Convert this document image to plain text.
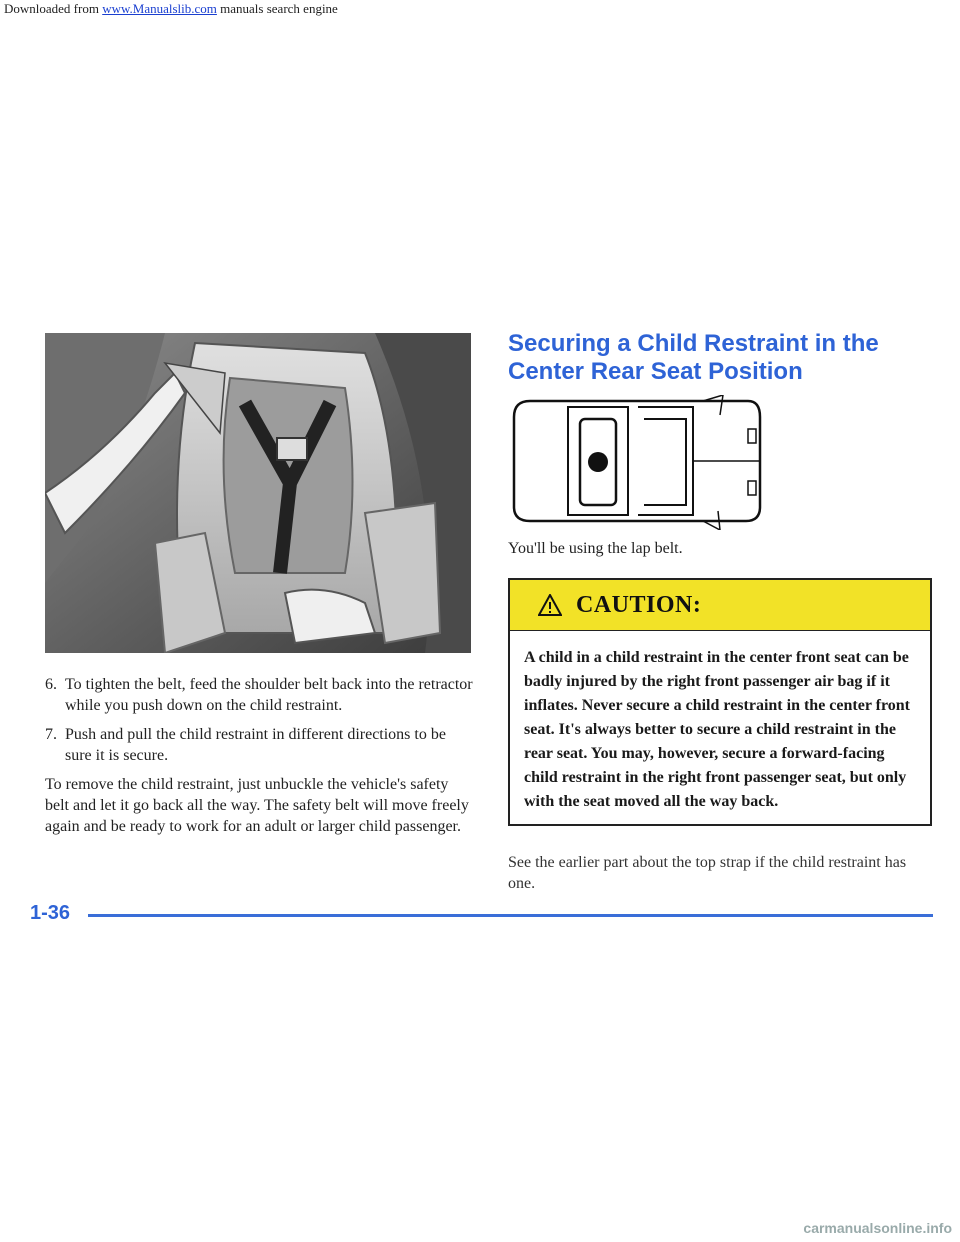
Downloaded from www.Manualslib.com manuals search engine
6. To tighten the belt, feed the shoulder belt back into the retractor while you push down on the child restraint.
7. Push and pull the child restraint in different directions to be sure it is secure.

To remove the child restraint, just unbuckle the vehicle's safety belt and let it go back all the way. The safety belt will move freely again and be ready to work for an adult or larger child passenger.

Securing a Child Restraint in the Center Rear Seat Position
You'll be using the lap belt.
CAUTION:
A child in a child restraint in the center front seat can be badly injured by the right front passenger air bag if it inflates. Never secure a child restraint in the center front seat. It's always better to secure a child restraint in the rear seat. You may, however, secure a forward-facing child restraint in the right front passenger seat, but only with the seat moved all the way back.
See the earlier part about the top strap if the child restraint has one.
1-36
carmanualsonline.info
